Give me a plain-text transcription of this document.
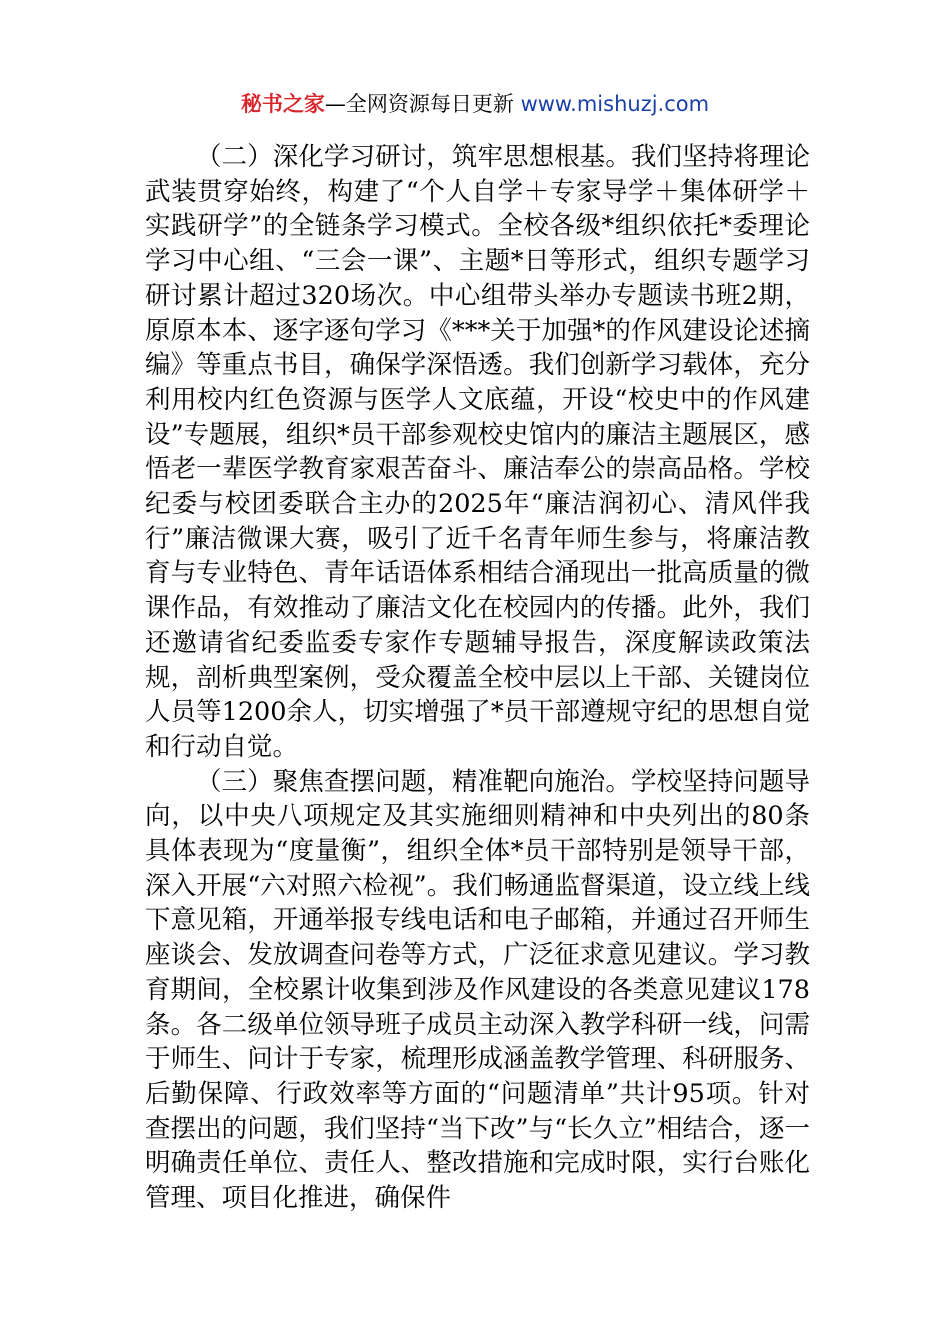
秘书之家—全网资源每日更新 www.mishuzj.com

（二）深化学习研讨，筑牢思想根基。我们坚持将理论武装贯穿始终，构建了“个人自学＋专家导学＋集体研学＋实践研学”的全链条学习模式。全校各级*组织依托*委理论学习中心组、“三会一课”、主题*日等形式，组织专题学习研讨累计超过320场次。中心组带头举办专题读书班2期，原原本本、逐字逐句学习《***关于加强*的作风建设论述摘编》等重点书目，确保学深悟透。我们创新学习载体，充分利用校内红色资源与医学人文底蕴，开设“校史中的作风建设”专题展，组织*员干部参观校史馆内的廉洁主题展区，感悟老一辈医学教育家艰苦奋斗、廉洁奉公的崇高品格。学校纪委与校团委联合主办的2025年“廉洁润初心、清风伴我行”廉洁微课大赛，吸引了近千名青年师生参与，将廉洁教育与专业特色、青年话语体系相结合涌现出一批高质量的微课作品，有效推动了廉洁文化在校园内的传播。此外，我们还邀请省纪委监委专家作专题辅导报告，深度解读政策法规，剖析典型案例，受众覆盖全校中层以上干部、关键岗位人员等1200余人，切实增强了*员干部遵规守纪的思想自觉和行动自觉。

（三）聚焦查摆问题，精准靶向施治。学校坚持问题导向，以中央八项规定及其实施细则精神和中央列出的80条具体表现为“度量衡”，组织全体*员干部特别是领导干部，深入开展“六对照六检视”。我们畅通监督渠道，设立线上线下意见箱，开通举报专线电话和电子邮箱，并通过召开师生座谈会、发放调查问卷等方式，广泛征求意见建议。学习教育期间，全校累计收集到涉及作风建设的各类意见建议178条。各二级单位领导班子成员主动深入教学科研一线，问需于师生、问计于专家，梳理形成涵盖教学管理、科研服务、后勤保障、行政效率等方面的“问题清单”共计95项。针对查摆出的问题，我们坚持“当下改”与“长久立”相结合，逐一明确责任单位、责任人、整改措施和完成时限，实行台账化管理、项目化推进，确保件
